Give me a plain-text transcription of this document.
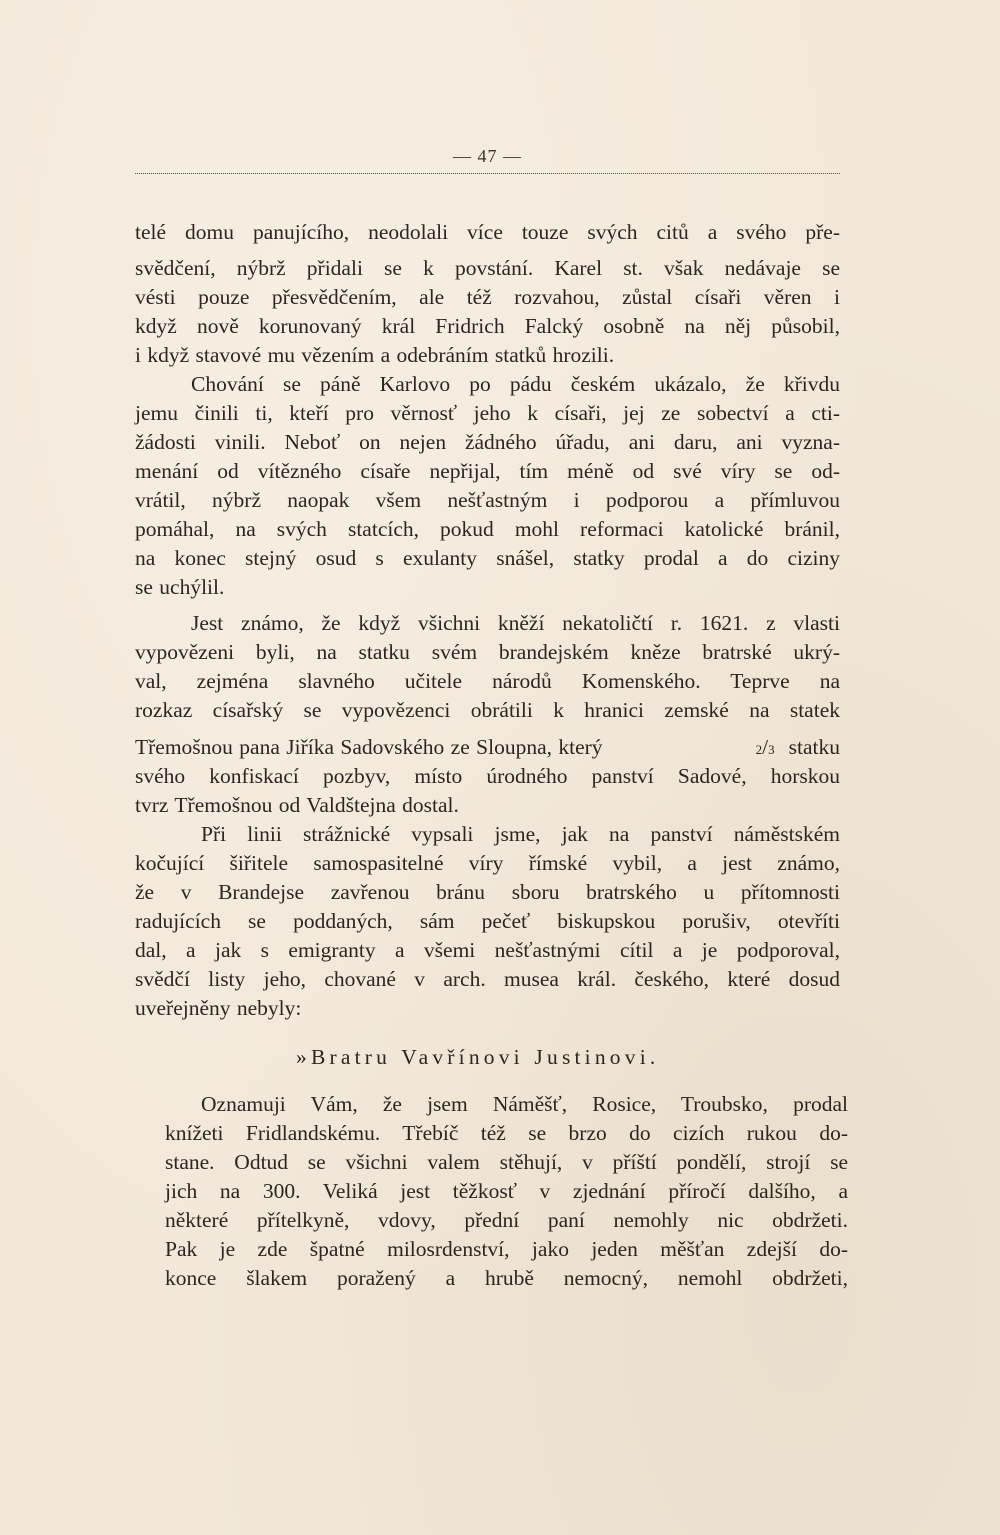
— 47 —
telé domu panujícího, neodolali více touze svých citů a svého pře-
svědčení, nýbrž přidali se k povstání. Karel st. však nedávaje se
vésti pouze přesvědčením, ale též rozvahou, zůstal císaři věren i
když nově korunovaný král Fridrich Falcký osobně na něj působil,
i když stavové mu vězením a odebráním statků hrozili.
Chování se páně Karlovo po pádu českém ukázalo, že křivdu
jemu činili ti, kteří pro věrnosť jeho k císaři, jej ze sobectví a cti-
žádosti vinili. Neboť on nejen žádného úřadu, ani daru, ani vyzna-
menání od vítězného císaře nepřijal, tím méně od své víry se od-
vrátil, nýbrž naopak všem nešťastným i podporou a přímluvou
pomáhal, na svých statcích, pokud mohl reformaci katolické bránil,
na konec stejný osud s exulanty snášel, statky prodal a do ciziny
se uchýlil.
Jest známo, že když všichni kněží nekatoličtí r. 1621. z vlasti
vypovězeni byli, na statku svém brandejském kněze bratrské ukrý-
val, zejména slavného učitele národů Komenského. Teprve na
rozkaz císařský se vypovězenci obrátili k hranici zemské na statek
Třemošnou pana Jiříka Sadovského ze Sloupna, který	2 / 3 statku
svého konfiskací pozbyv, místo úrodného panství Sadové, horskou
tvrz Třemošnou od Valdštejna dostal.
Při linii strážnické vypsali jsme, jak na panství náměstském
kočující šiřitele samospasitelné víry římské vybil, a jest známo,
že v Brandejse zavřenou bránu sboru bratrského u přítomnosti
radujících se poddaných, sám pečeť biskupskou porušiv, otevříti
dal, a jak s emigranty a všemi nešťastnými cítil a je podporoval,
svědčí listy jeho, chované v arch. musea král. českého, které dosud
uveřejněny nebyly:
»Bratru Vavřínovi Justinovi.
Oznamuji Vám, že jsem Náměšť, Rosice, Troubsko, prodal
knížeti Fridlandskému. Třebíč též se brzo do cizích rukou do-
stane. Odtud se všichni valem stěhují, v příští pondělí, strojí se
jich na 300. Veliká jest těžkosť v zjednání příročí dalšího, a
některé přítelkyně, vdovy, přední paní nemohly nic obdržeti.
Pak je zde špatné milosrdenství, jako jeden měšťan zdejší do-
konce šlakem poražený a hrubě nemocný, nemohl obdržeti,
